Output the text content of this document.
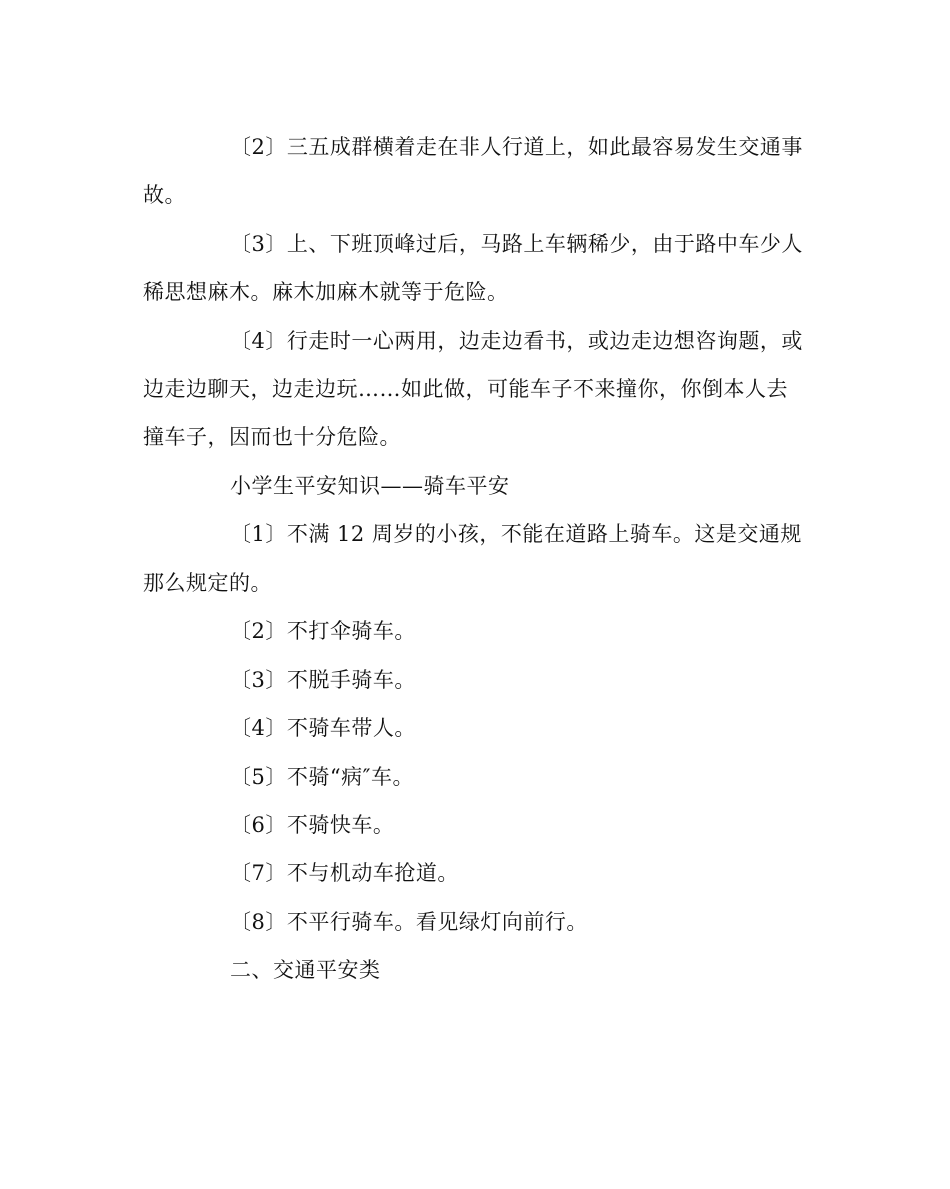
〔2〕三五成群横着走在非人行道上，如此最容易发生交通事
故。
〔3〕上、下班顶峰过后，马路上车辆稀少，由于路中车少人
稀思想麻木。麻木加麻木就等于危险。
〔4〕行走时一心两用，边走边看书，或边走边想咨询题，或
边走边聊天，边走边玩……如此做，可能车子不来撞你，你倒本人去
撞车子，因而也十分危险。
小学生平安知识——骑车平安
〔1〕不满 12 周岁的小孩，不能在道路上骑车。这是交通规
那么规定的。
〔2〕不打伞骑车。
〔3〕不脱手骑车。
〔4〕不骑车带人。
〔5〕不骑“病″车。
〔6〕不骑快车。
〔7〕不与机动车抢道。
〔8〕不平行骑车。看见绿灯向前行。
二、交通平安类
